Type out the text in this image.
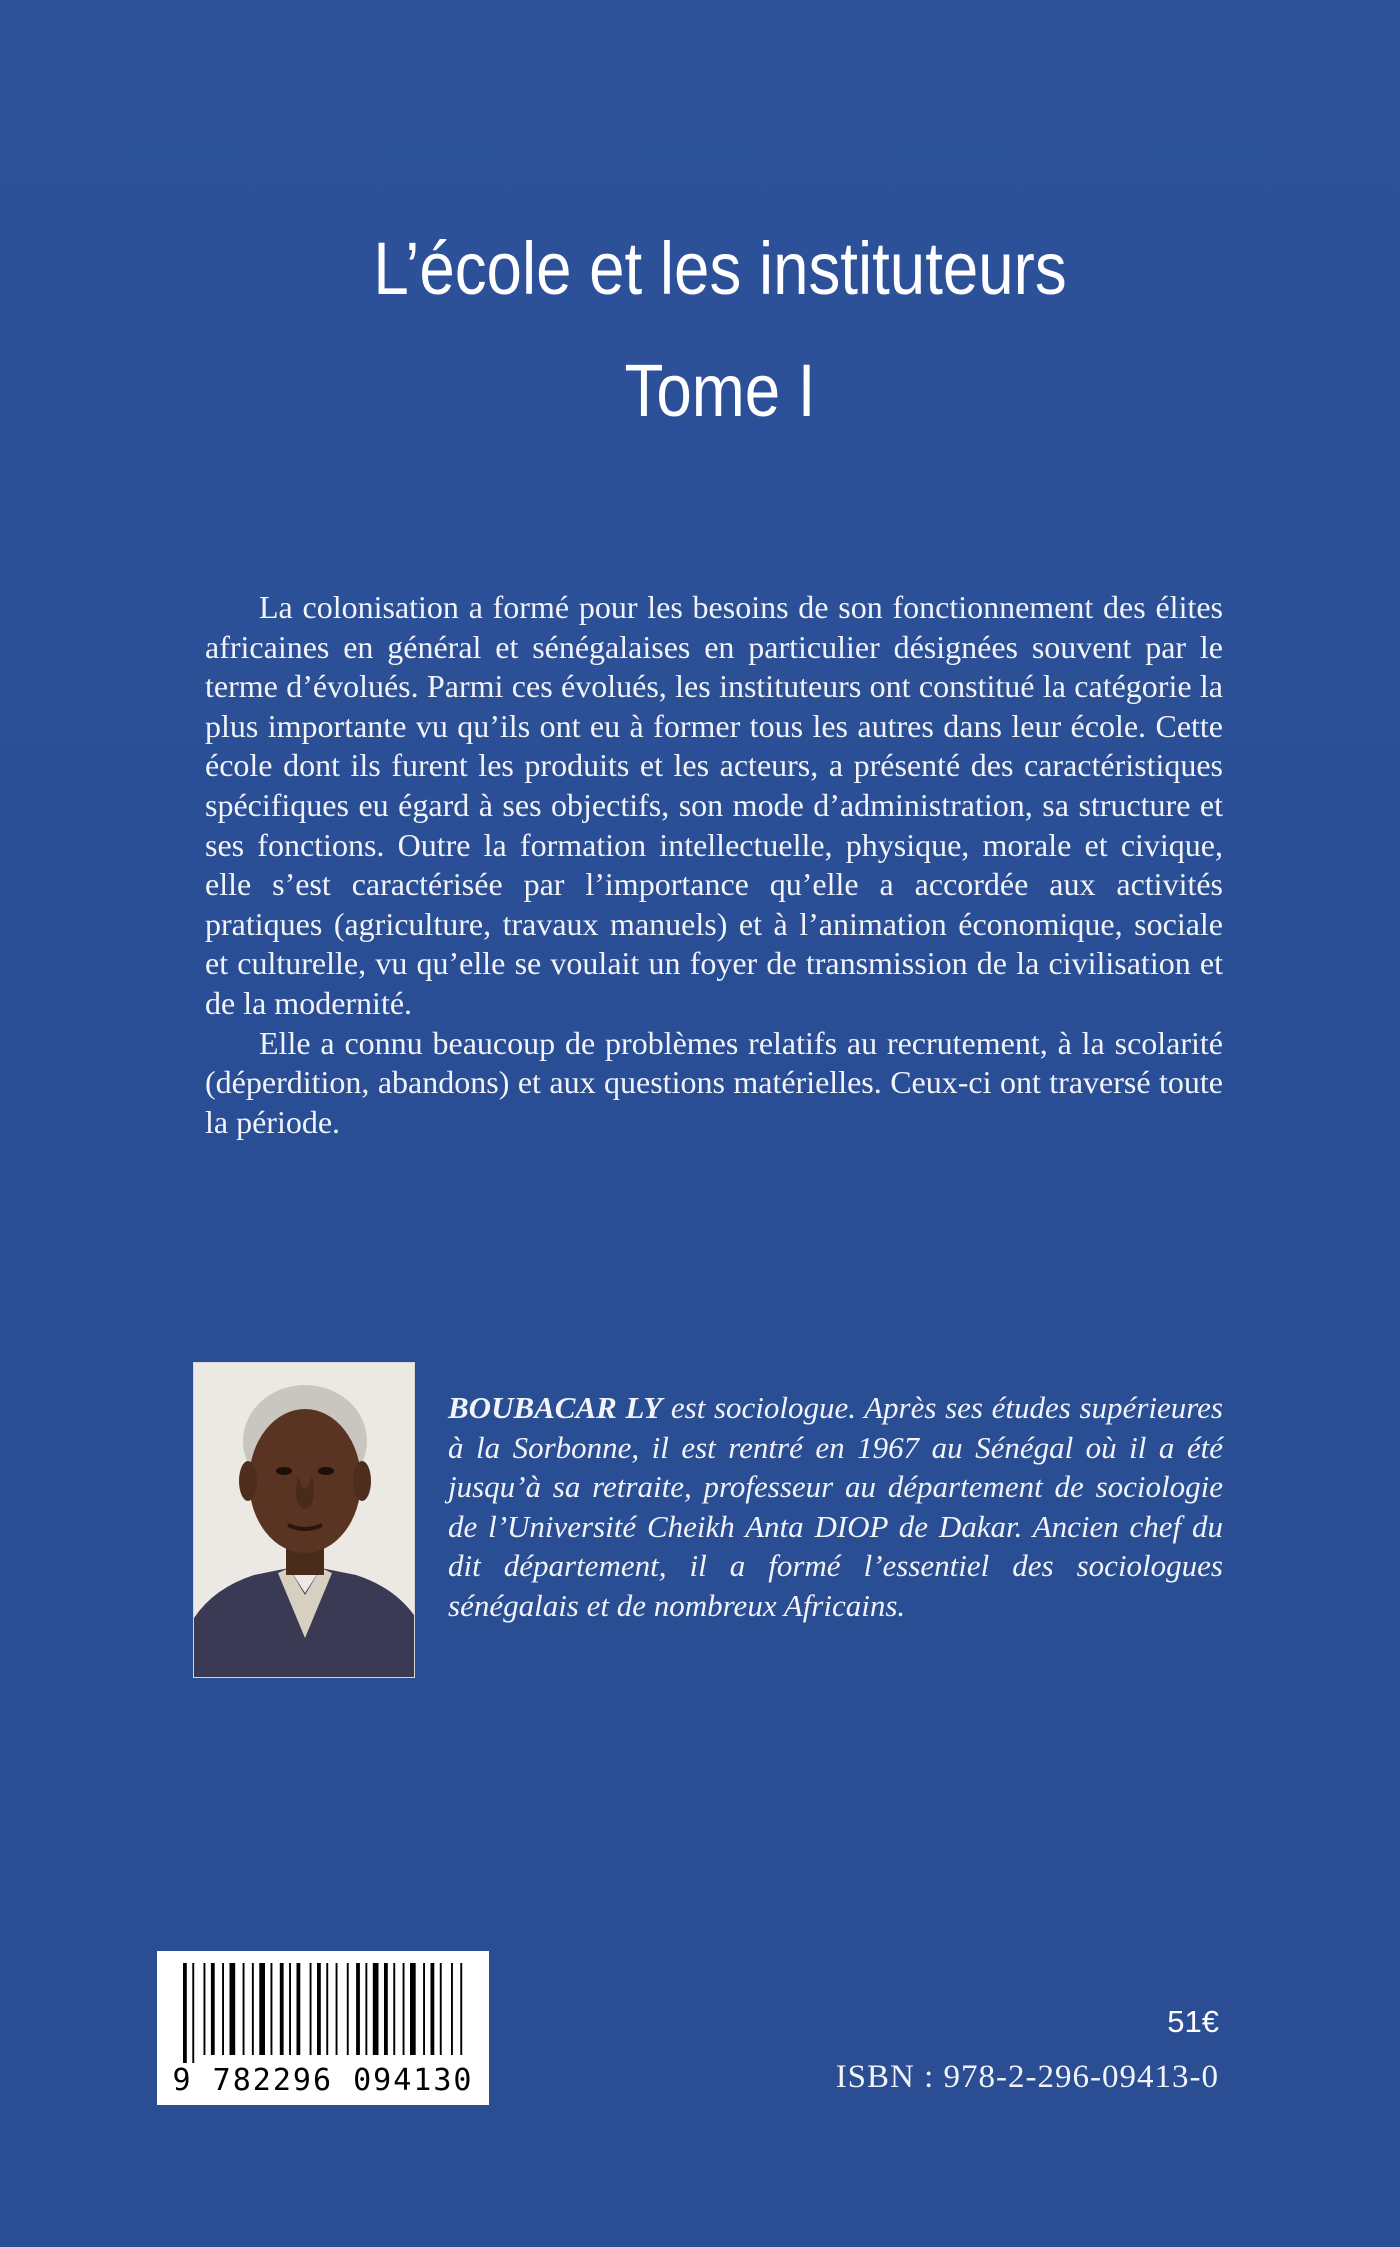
L’école et les instituteurs
Tome I

La colonisation a formé pour les besoins de son fonctionnement des élites africaines en général et sénégalaises en particulier désignées souvent par le terme d’évolués. Parmi ces évolués, les instituteurs ont constitué la catégorie la plus importante vu qu’ils ont eu à former tous les autres dans leur école. Cette école dont ils furent les produits et les acteurs, a présenté des caractéristiques spécifiques eu égard à ses objectifs, son mode d’administration, sa structure et ses fonctions. Outre la formation intellectuelle, physique, morale et civique, elle s’est caractérisée par l’importance qu’elle a accordée aux activités pratiques (agriculture, travaux manuels) et à l’animation économique, sociale et culturelle, vu qu’elle se voulait un foyer de transmission de la civilisation et de la modernité.

Elle a connu beaucoup de problèmes relatifs au recrutement, à la scolarité (déperdition, abandons) et aux questions matérielles. Ceux-ci ont traversé toute la période.

BOUBACAR LY est sociologue. Après ses études supérieures à la Sorbonne, il est rentré en 1967 au Sénégal où il a été jusqu’à sa retraite, professeur au département de sociologie de l’Université Cheikh Anta DIOP de Dakar. Ancien chef du dit département, il a formé l’essentiel des sociologues sénégalais et de nombreux Africains.
9 782296 094130
51€
ISBN : 978-2-296-09413-0
